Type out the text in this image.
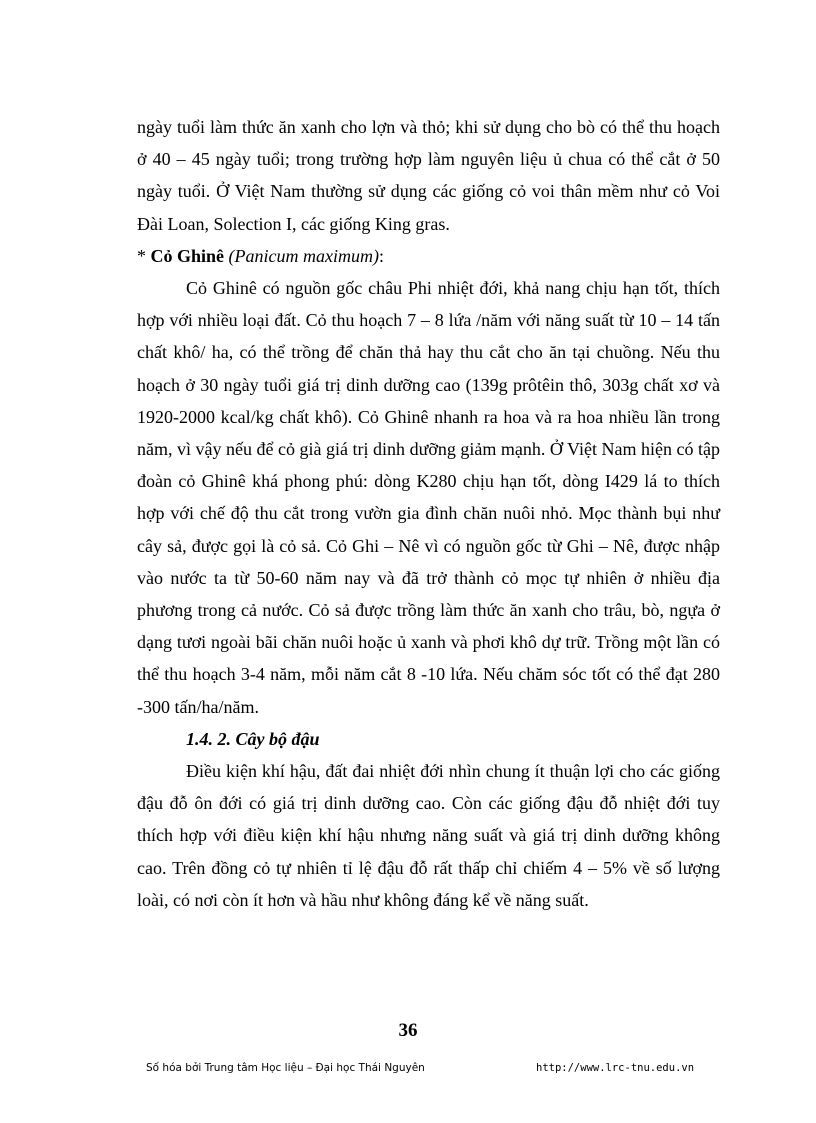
ngày tuổi làm thức ăn xanh cho lợn và thỏ; khi sử dụng cho bò có thể thu hoạch ở 40 – 45 ngày tuổi; trong trường hợp làm nguyên liệu ủ chua có thể cắt ở 50 ngày tuổi. Ở Việt Nam thường sử dụng các giống cỏ voi thân mềm như cỏ Voi Đài Loan, Solection I, các giống King gras.

* Cỏ Ghinê (Panicum maximum):

Cỏ Ghinê có nguồn gốc châu Phi nhiệt đới, khả nang chịu hạn tốt, thích hợp với nhiều loại đất. Cỏ thu hoạch 7 – 8 lứa /năm với năng suất từ 10 – 14 tấn chất khô/ ha, có thể trồng để chăn thả hay thu cắt cho ăn tại chuồng. Nếu thu hoạch ở 30 ngày tuổi giá trị dinh dưỡng cao (139g prôtêin thô, 303g chất xơ và 1920-2000 kcal/kg chất khô). Cỏ Ghinê nhanh ra hoa và ra hoa nhiều lần trong năm, vì vậy nếu để cỏ già giá trị dinh dưỡng giảm mạnh. Ở Việt Nam hiện có tập đoàn cỏ Ghinê khá phong phú: dòng K280 chịu hạn tốt, dòng I429 lá to thích hợp với chế độ thu cắt trong vườn gia đình chăn nuôi nhỏ. Mọc thành bụi như cây sả, được gọi là cỏ sả. Cỏ Ghi – Nê vì có nguồn gốc từ Ghi – Nê, được nhập vào nước ta từ 50-60 năm nay và đã trở thành cỏ mọc tự nhiên ở nhiều địa phương trong cả nước. Cỏ sả được trồng làm thức ăn xanh cho trâu, bò, ngựa ở dạng tươi ngoài bãi chăn nuôi hoặc ủ xanh và phơi khô dự trữ. Trồng một lần có thể thu hoạch 3-4 năm, mỗi năm cắt 8 -10 lứa. Nếu chăm sóc tốt có thể đạt 280 -300 tấn/ha/năm.

1.4. 2. Cây bộ đậu

Điều kiện khí hậu, đất đai nhiệt đới nhìn chung ít thuận lợi cho các giống đậu đỗ ôn đới có giá trị dinh dưỡng cao. Còn các giống đậu đỗ nhiệt đới tuy thích hợp với điều kiện khí hậu nhưng năng suất và giá trị dinh dưỡng không cao. Trên đồng cỏ tự nhiên tỉ lệ đậu đỗ rất thấp chỉ chiếm 4 – 5% về số lượng loài, có nơi còn ít hơn và hầu như không đáng kể về năng suất.

36
Số hóa bởi Trung tâm Học liệu – Đại học Thái Nguyên	http://www.lrc-tnu.edu.vn
